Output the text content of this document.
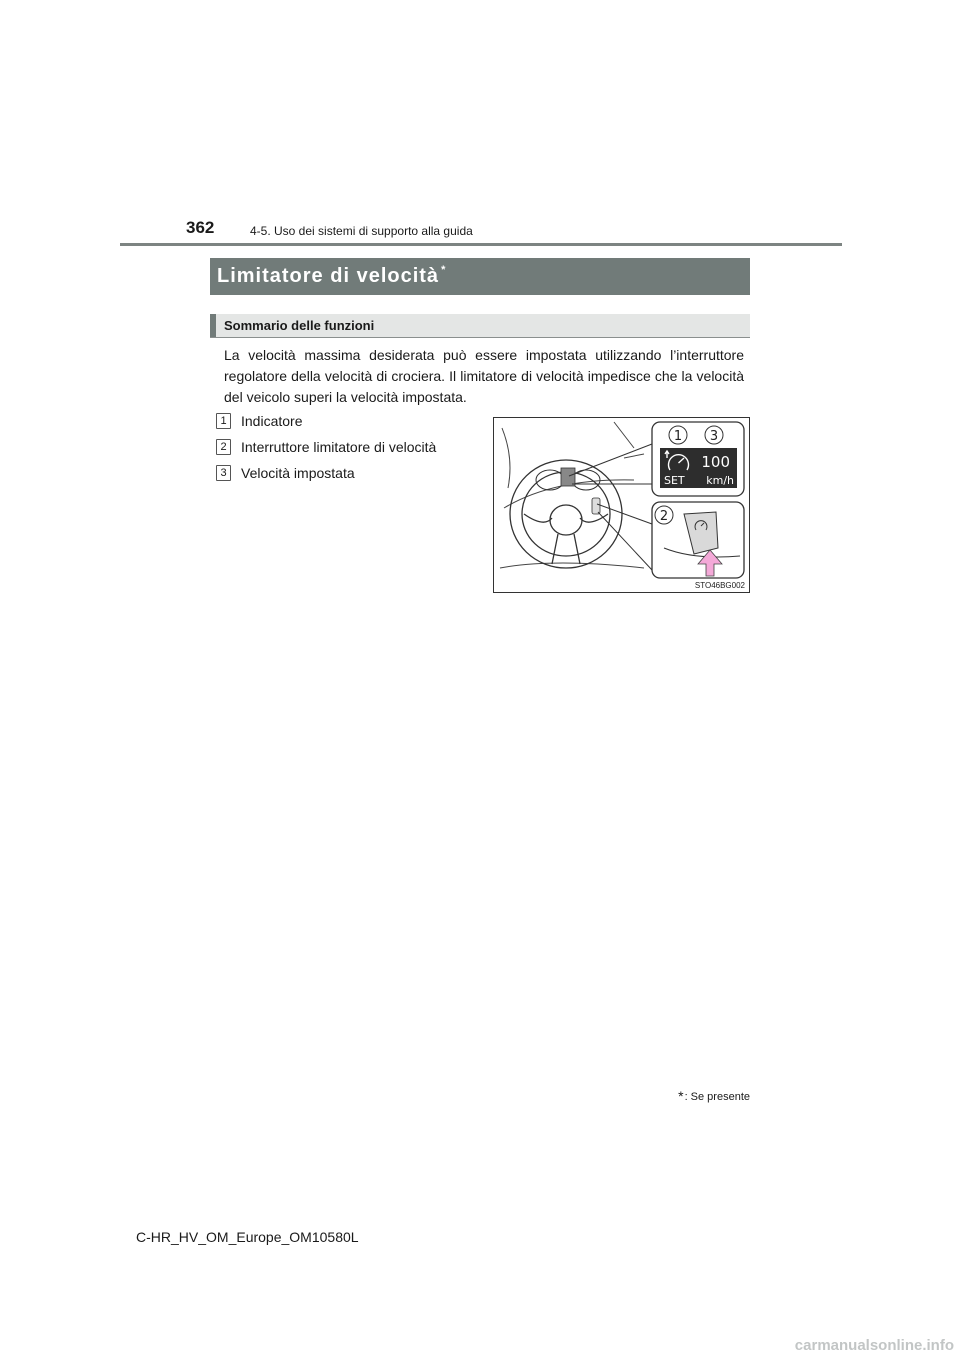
362	4-5. Uso dei sistemi di supporto alla guida
Limitatore di velocità *
Sommario delle funzioni

La velocità massima desiderata può essere impostata utilizzando l’interruttore regolatore della velocità di crociera. Il limitatore di velocità impedisce che la velocità del veicolo superi la velocità impostata.

1 Indicatore
2 Interruttore limitatore di velocità
3 Velocità impostata
1 3
100
SET km/h
2
STO46BG002
*: Se presente
C-HR_HV_OM_Europe_OM10580L
carmanualsonline.info
